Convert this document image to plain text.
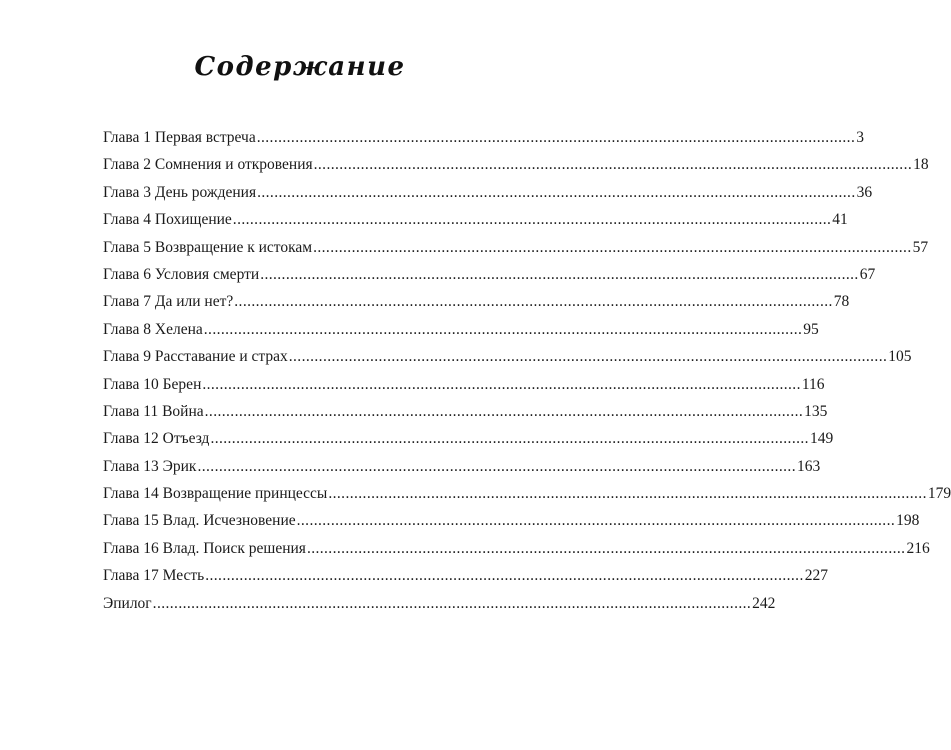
Содержание
Глава 1 Первая встреча ............................................................................................................................................ 3
Глава 2 Сомнения и откровения ............................................................................................................................................ 18
Глава 3 День рождения ............................................................................................................................................ 36
Глава 4 Похищение ............................................................................................................................................ 41
Глава 5 Возвращение к истокам ............................................................................................................................................ 57
Глава 6 Условия смерти ............................................................................................................................................ 67
Глава 7 Да или нет? ............................................................................................................................................ 78
Глава 8 Хелена ............................................................................................................................................ 95
Глава 9 Расставание и страх ............................................................................................................................................ 105
Глава 10 Берен ............................................................................................................................................ 116
Глава 11 Война ............................................................................................................................................ 135
Глава 12 Отъезд ............................................................................................................................................ 149
Глава 13 Эрик ............................................................................................................................................ 163
Глава 14 Возвращение принцессы ............................................................................................................................................ 179
Глава 15 Влад. Исчезновение ............................................................................................................................................ 198
Глава 16 Влад. Поиск решения ............................................................................................................................................ 216
Глава 17 Месть ............................................................................................................................................ 227
Эпилог ............................................................................................................................................ 242
